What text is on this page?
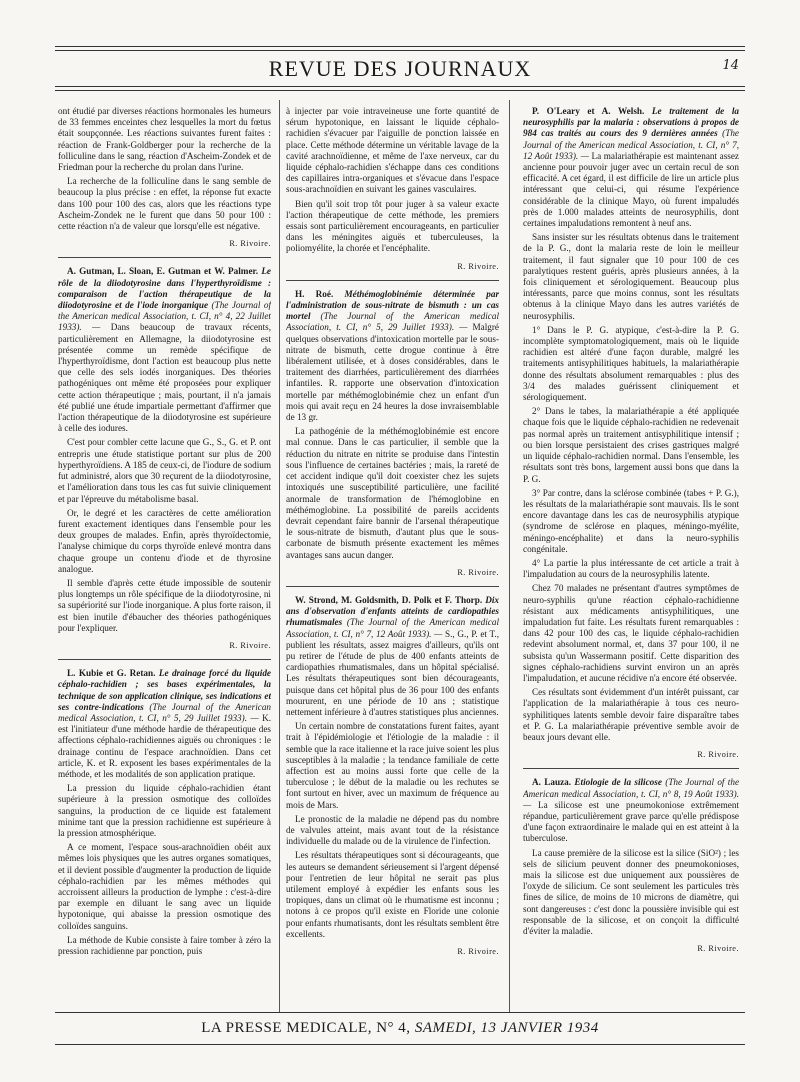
REVUE DES JOURNAUX	14

ont étudié par diverses réactions hormonales les humeurs de 33 femmes enceintes chez lesquelles la mort du fœtus était soupçonnée. Les réactions suivantes furent faites : réaction de Frank-Goldberger pour la recherche de la folliculine dans le sang, réaction d'Ascheim-Zondek et de Friedman pour la recherche du prolan dans l'urine.

La recherche de la folliculine dans le sang semble de beaucoup la plus précise : en effet, la réponse fut exacte dans 100 pour 100 des cas, alors que les réactions type Ascheim-Zondek ne le furent que dans 50 pour 100 : cette réaction n'a de valeur que lorsqu'elle est négative.

R. Rivoire.

A. Gutman, L. Sloan, E. Gutman et W. Palmer. Le rôle de la diiodotyrosine dans l'hyperthyroïdisme : comparaison de l'action thérapeutique de la diiodotyrosine et de l'iode inorganique (The Journal of the American medical Association, t. CI, n° 4, 22 Juillet 1933). — Dans beaucoup de travaux récents, particulièrement en Allemagne, la diiodotyrosine est présentée comme un remède spécifique de l'hyperthyroïdisme, dont l'action est beaucoup plus nette que celle des sels iodés inorganiques. Des théories pathogéniques ont même été proposées pour expliquer cette action thérapeutique ; mais, pourtant, il n'a jamais été publié une étude impartiale permettant d'affirmer que l'action thérapeutique de la diiodotyrosine est supérieure à celle des iodures.

C'est pour combler cette lacune que G., S., G. et P. ont entrepris une étude statistique portant sur plus de 200 hyperthyroïdiens. A 185 de ceux-ci, de l'iodure de sodium fut administré, alors que 30 reçurent de la diiodotyrosine, et l'amélioration dans tous les cas fut suivie cliniquement et par l'épreuve du métabolisme basal.

Or, le degré et les caractères de cette amélioration furent exactement identiques dans l'ensemble pour les deux groupes de malades. Enfin, après thyroïdectomie, l'analyse chimique du corps thyroïde enlevé montra dans chaque groupe un contenu d'iode et de thyrosine analogue.

Il semble d'après cette étude impossible de soutenir plus longtemps un rôle spécifique de la diiodotyrosine, ni sa supériorité sur l'iode inorganique. A plus forte raison, il est bien inutile d'ébaucher des théories pathogéniques pour l'expliquer.

R. Rivoire.

L. Kubie et G. Retan. Le drainage forcé du liquide céphalo-rachidien ; ses bases expérimentales, la technique de son application clinique, ses indications et ses contre-indications (The Journal of the American medical Association, t. CI, n° 5, 29 Juillet 1933). — K. est l'initiateur d'une méthode hardie de thérapeutique des affections céphalo-rachidiennes aiguës ou chroniques : le drainage continu de l'espace arachnoïdien. Dans cet article, K. et R. exposent les bases expérimentales de la méthode, et les modalités de son application pratique.

La pression du liquide céphalo-rachidien étant supérieure à la pression osmotique des colloïdes sanguins, la production de ce liquide est fatalement minime tant que la pression rachidienne est supérieure à la pression atmosphérique.

A ce moment, l'espace sous-arachnoïdien obéit aux mêmes lois physiques que les autres organes somatiques, et il devient possible d'augmenter la production de liquide céphalo-rachidien par les mêmes méthodes qui accroissent ailleurs la production de lymphe : c'est-à-dire par exemple en diluant le sang avec un liquide hypotonique, qui abaisse la pression osmotique des colloïdes sanguins.

La méthode de Kubie consiste à faire tomber à zéro la pression rachidienne par ponction, puis

à injecter par voie intraveineuse une forte quantité de sérum hypotonique, en laissant le liquide céphalo-rachidien s'évacuer par l'aiguille de ponction laissée en place. Cette méthode détermine un véritable lavage de la cavité arachnoïdienne, et même de l'axe nerveux, car du liquide céphalo-rachidien s'échappe dans ces conditions des capillaires intra-organiques et s'évacue dans l'espace sous-arachnoïdien en suivant les gaines vasculaires.

Bien qu'il soit trop tôt pour juger à sa valeur exacte l'action thérapeutique de cette méthode, les premiers essais sont particulièrement encourageants, en particulier dans les méningites aiguës et tuberculeuses, la poliomyélite, la chorée et l'encéphalite.

R. Rivoire.

H. Roé. Méthémoglobinémie déterminée par l'administration de sous-nitrate de bismuth : un cas mortel (The Journal of the American medical Association, t. CI, n° 5, 29 Juillet 1933). — Malgré quelques observations d'intoxication mortelle par le sous-nitrate de bismuth, cette drogue continue à être libéralement utilisée, et à doses considérables, dans le traitement des diarrhées, particulièrement des diarrhées infantiles. R. rapporte une observation d'intoxication mortelle par méthémoglobinémie chez un enfant d'un mois qui avait reçu en 24 heures la dose invraisemblable de 13 gr.

La pathogénie de la méthémoglobinémie est encore mal connue. Dans le cas particulier, il semble que la réduction du nitrate en nitrite se produise dans l'intestin sous l'influence de certaines bactéries ; mais, la rareté de cet accident indique qu'il doit coexister chez les sujets intoxiqués une susceptibilité particulière, une facilité anormale de transformation de l'hémoglobine en méthémoglobine. La possibilité de pareils accidents devrait cependant faire bannir de l'arsenal thérapeutique le sous-nitrate de bismuth, d'autant plus que le sous-carbonate de bismuth présente exactement les mêmes avantages sans aucun danger.

R. Rivoire.

W. Strond, M. Goldsmith, D. Polk et F. Thorp. Dix ans d'observation d'enfants atteints de cardiopathies rhumatismales (The Journal of the American medical Association, t. CI, n° 7, 12 Août 1933). — S., G., P. et T., publient les résultats, assez maigres d'ailleurs, qu'ils ont pu retirer de l'étude de plus de 400 enfants atteints de cardiopathies rhumatismales, dans un hôpital spécialisé. Les résultats thérapeutiques sont bien décourageants, puisque dans cet hôpital plus de 36 pour 100 des enfants moururent, en une période de 10 ans ; statistique nettement inférieure à d'autres statistiques plus anciennes.

Un certain nombre de constatations furent faites, ayant trait à l'épidémiologie et l'étiologie de la maladie : il semble que la race italienne et la race juive soient les plus susceptibles à la maladie ; la tendance familiale de cette affection est au moins aussi forte que celle de la tuberculose ; le début de la maladie ou les rechutes se font surtout en hiver, avec un maximum de fréquence au mois de Mars.

Le pronostic de la maladie ne dépend pas du nombre de valvules atteint, mais avant tout de la résistance individuelle du malade ou de la virulence de l'infection.

Les résultats thérapeutiques sont si décourageants, que les auteurs se demandent sérieusement si l'argent dépensé pour l'entretien de leur hôpital ne serait pas plus utilement employé à expédier les enfants sous les tropiques, dans un climat où le rhumatisme est inconnu ; notons à ce propos qu'il existe en Floride une colonie pour enfants rhumatisants, dont les résultats semblent être excellents.

R. Rivoire.

P. O'Leary et A. Welsh. Le traitement de la neurosyphilis par la malaria : observations à propos de 984 cas traités au cours des 9 dernières années (The Journal of the American medical Association, t. CI, n° 7, 12 Août 1933). — La malariathérapie est maintenant assez ancienne pour pouvoir juger avec un certain recul de son efficacité. A cet égard, il est difficile de lire un article plus intéressant que celui-ci, qui résume l'expérience considérable de la clinique Mayo, où furent impaludés près de 1.000 malades atteints de neurosyphilis, dont certaines impaludations remontent à neuf ans.

Sans insister sur les résultats obtenus dans le traitement de la P. G., dont la malaria reste de loin le meilleur traitement, il faut signaler que 10 pour 100 de ces paralytiques restent guéris, après plusieurs années, à la fois cliniquement et sérologiquement. Beaucoup plus intéressants, parce que moins connus, sont les résultats obtenus à la clinique Mayo dans les autres variétés de neurosyphilis.

1° Dans le P. G. atypique, c'est-à-dire la P. G. incomplète symptomatologiquement, mais où le liquide rachidien est altéré d'une façon durable, malgré les traitements antisyphilitiques habituels, la malariathérapie donne des résultats absolument remarquables : plus des 3/4 des malades guérissent cliniquement et sérologiquement.

2° Dans le tabes, la malariathérapie a été appliquée chaque fois que le liquide céphalo-rachidien ne redevenait pas normal après un traitement antisyphilitique intensif ; ou bien lorsque persistaient des crises gastriques malgré un liquide céphalo-rachidien normal. Dans l'ensemble, les résultats sont très bons, largement aussi bons que dans la P. G.

3° Par contre, dans la sclérose combinée (tabes + P. G.), les résultats de la malariathérapie sont mauvais. Ils le sont encore davantage dans les cas de neurosyphilis atypique (syndrome de sclérose en plaques, méningo-myélite, méningo-encéphalite) et dans la neuro-syphilis congénitale.

4° La partie la plus intéressante de cet article a trait à l'impaludation au cours de la neurosyphilis latente.

Chez 70 malades ne présentant d'autres symptômes de neuro-syphilis qu'une réaction céphalo-rachidienne résistant aux médicaments antisyphilitiques, une impaludation fut faite. Les résultats furent remarquables : dans 42 pour 100 des cas, le liquide céphalo-rachidien redevint absolument normal, et, dans 37 pour 100, il ne subsista qu'un Wassermann positif. Cette disparition des signes céphalo-rachidiens survint environ un an après l'impaludation, et aucune récidive n'a encore été observée.

Ces résultats sont évidemment d'un intérêt puissant, car l'application de la malariathérapie à tous ces neuro-syphilitiques latents semble devoir faire disparaître tabes et P. G. La malariathérapie préventive semble avoir de beaux jours devant elle.

R. Rivoire.

A. Lauza. Etiologie de la silicose (The Journal of the American medical Association, t. CI, n° 8, 19 Août 1933). — La silicose est une pneumokoniose extrêmement répandue, particulièrement grave parce qu'elle prédispose d'une façon extraordinaire le malade qui en est atteint à la tuberculose.

La cause première de la silicose est la silice (SiO²) ; les sels de silicium peuvent donner des pneumokonioses, mais la silicose est due uniquement aux poussières de l'oxyde de silicium. Ce sont seulement les particules très fines de silice, de moins de 10 microns de diamètre, qui sont dangereuses : c'est donc la poussière invisible qui est responsable de la silicose, et on conçoit la difficulté d'éviter la maladie.

R. Rivoire.
LA PRESSE MEDICALE, N° 4, SAMEDI, 13 JANVIER 1934
